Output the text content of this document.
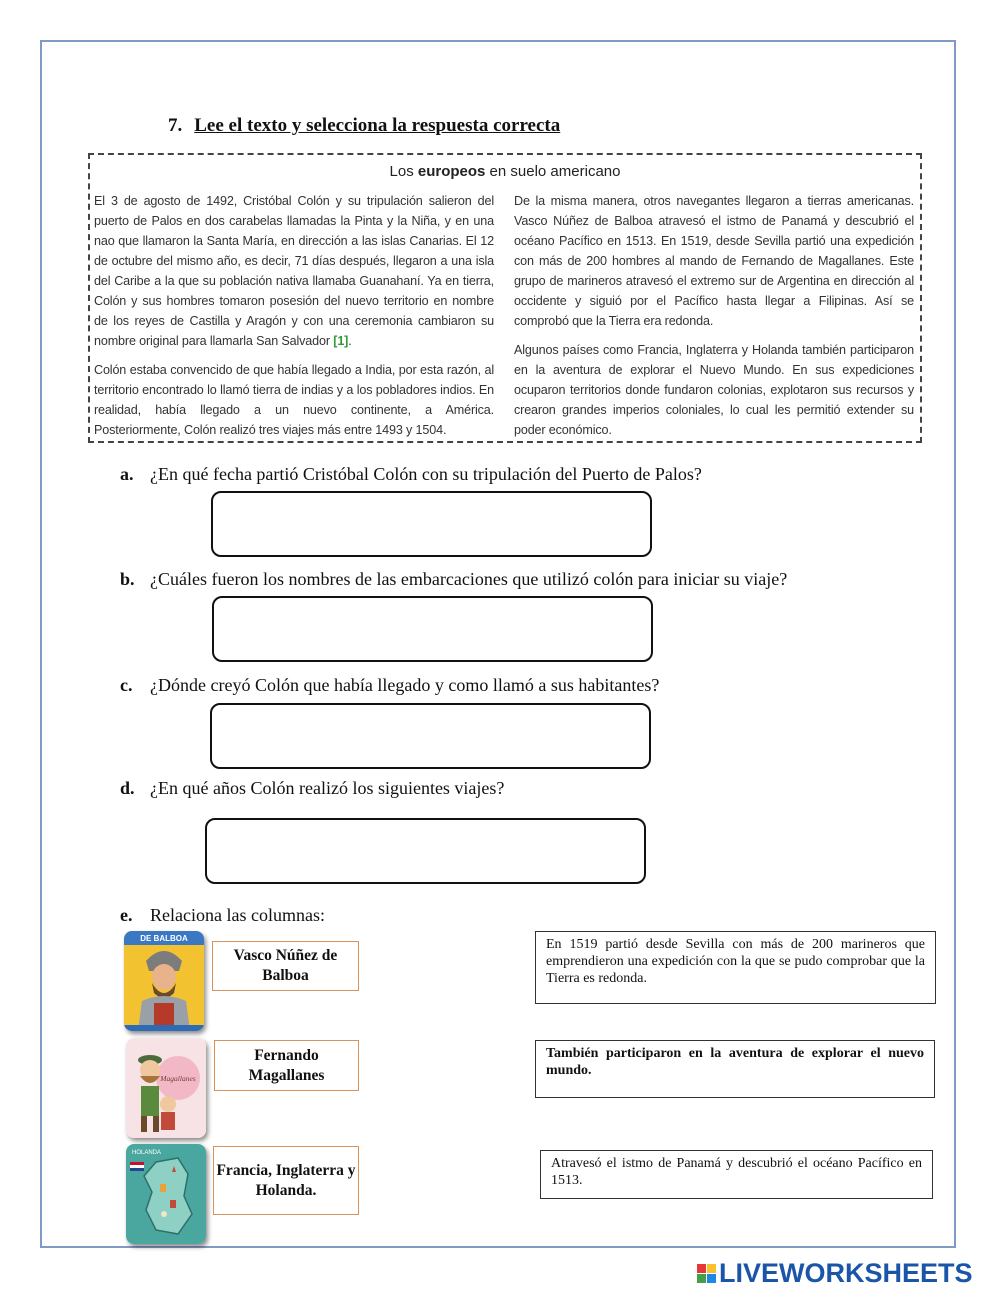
7. Lee el texto y selecciona la respuesta correcta
Los europeos en suelo americano

El 3 de agosto de 1492, Cristóbal Colón y su tripulación salieron del puerto de Palos en dos carabelas llamadas la Pinta y la Niña, y en una nao que llamaron la Santa María, en dirección a las islas Canarias. El 12 de octubre del mismo año, es decir, 71 días después, llegaron a una isla del Caribe a la que su población nativa llamaba Guanahaní. Ya en tierra, Colón y sus hombres tomaron posesión del nuevo territorio en nombre de los reyes de Castilla y Aragón y con una ceremonia cambiaron su nombre original para llamarla San Salvador [1].

Colón estaba convencido de que había llegado a India, por esta razón, al territorio encontrado lo llamó tierra de indias y a los pobladores indios. En realidad, había llegado a un nuevo continente, a América. Posteriormente, Colón realizó tres viajes más entre 1493 y 1504.

De la misma manera, otros navegantes llegaron a tierras americanas. Vasco Núñez de Balboa atravesó el istmo de Panamá y descubrió el océano Pacífico en 1513. En 1519, desde Sevilla partió una expedición con más de 200 hombres al mando de Fernando de Magallanes. Este grupo de marineros atravesó el extremo sur de Argentina en dirección al occidente y siguió por el Pacífico hasta llegar a Filipinas. Así se comprobó que la Tierra era redonda.

Algunos países como Francia, Inglaterra y Holanda también participaron en la aventura de explorar el Nuevo Mundo. En sus expediciones ocuparon territorios donde fundaron colonias, explotaron sus recursos y crearon grandes imperios coloniales, lo cual les permitió extender su poder económico.

a. ¿En qué fecha partió Cristóbal Colón con su tripulación del Puerto de Palos?
b. ¿Cuáles fueron los nombres de las embarcaciones que utilizó colón para iniciar su viaje?
c. ¿Dónde creyó Colón que había llegado y como llamó a sus habitantes?
d. ¿En qué años Colón realizó los siguientes viajes?
e. Relaciona las columnas:
DE BALBOA
Magallanes
HOLANDA
Vasco Núñez de Balboa
Fernando Magallanes
Francia, Inglaterra y Holanda.
En 1519 partió desde Sevilla con más de 200 marineros que emprendieron una expedición con la que se pudo comprobar que la Tierra es redonda.
También participaron en la aventura de explorar el nuevo mundo.
Atravesó el istmo de Panamá y descubrió el océano Pacífico en 1513.
LIVEWORKSHEETS
